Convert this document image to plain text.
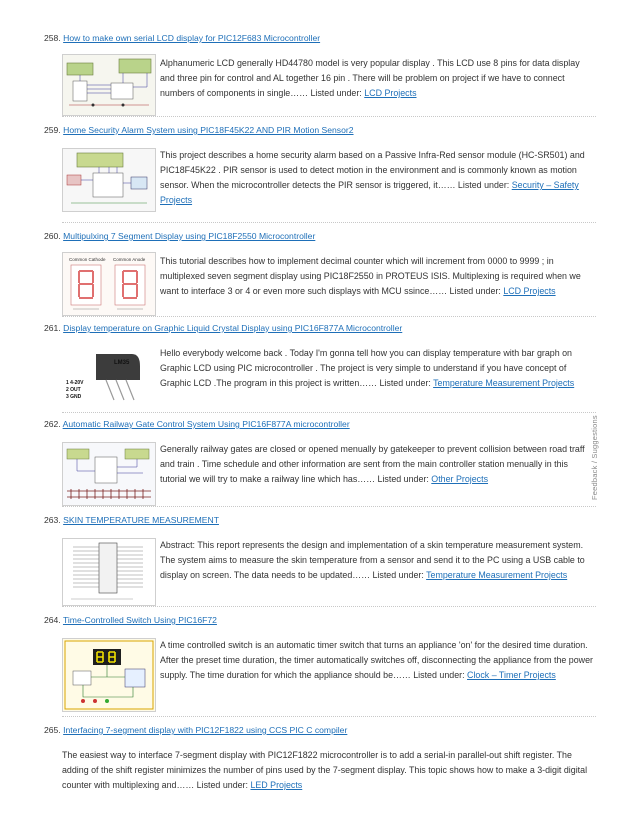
258. How to make own serial LCD display for PIC12F683 Microcontroller
Alphanumeric LCD generally HD44780 model is very popular display . This LCD use 8 pins for data display and three pin for control and AL together 16 pin . There will be problem on project if we have to connect numbers of components in single…… Listed under: LCD Projects
259. Home Security Alarm System using PIC18F45K22 AND PIR Motion Sensor2
This project describes a home security alarm based on a Passive Infra-Red sensor module (HC-SR501) and PIC18F45K22 . PIR sensor is used to detect motion in the environment and is commonly known as motion sensor. When the microcontroller detects the PIR sensor is triggered, it…… Listed under: Security – Safety Projects
260. Multipulxing 7 Segment Display using PIC18F2550 Microcontroller
Common Cathode Common Anode This tutorial describes how to implement decimal counter which will increment from 0000 to 9999 ; in multiplexed seven segment display using PIC18F2550 in PROTEUS ISIS. Multiplexing is required when we want to interface 3 or 4 or even more such displays with MCU ssince…… Listed under: LCD Projects
261. Display temperature on Graphic Liquid Crystal Display using PIC16F877A Microcontroller
LM35
1 4-20V
2 OUT
3 GND
Hello everybody welcome back . Today I'm gonna tell how you can display temperature with bar graph on Graphic LCD using PIC microcontroller . The project is very simple to understand if you have concept of Graphic LCD .The program in this project is written…… Listed under: Temperature Measurement Projects
262. Automatic Railway Gate Control System Using PIC16F877A microcontroller
Generally railway gates are closed or opened menually by gatekeeper to prevent collision between road traff and train . Time schedule and other information are sent from the main controller station menually in this tutorial we will try to make a railway line which has…… Listed under: Other Projects
263. SKIN TEMPERATURE MEASUREMENT
Abstract: This report represents the design and implementation of a skin temperature measurement system. The system aims to measure the skin temperature from a sensor and send it to the PC using a USB cable to display on screen. The data needs to be updated…… Listed under: Temperature Measurement Projects
264. Time-Controlled Switch Using PIC16F72
A time controlled switch is an automatic timer switch that turns an appliance 'on' for the desired time duration. After the preset time duration, the timer automatically switches off, disconnecting the appliance from the power supply. The time duration for which the appliance should be…… Listed under: Clock – Timer Projects
265. Interfacing 7-segment display with PIC12F1822 using CCS PIC C compiler
The easiest way to interface 7-segment display with PIC12F1822 microcontroller is to add a serial-in parallel-out shift register. The adding of the shift register minimizes the number of pins used by the 7-segment display. This topic shows how to make a 3-digit digital counter with multiplexing and…… Listed under: LED Projects
Feedback / Suggestions
